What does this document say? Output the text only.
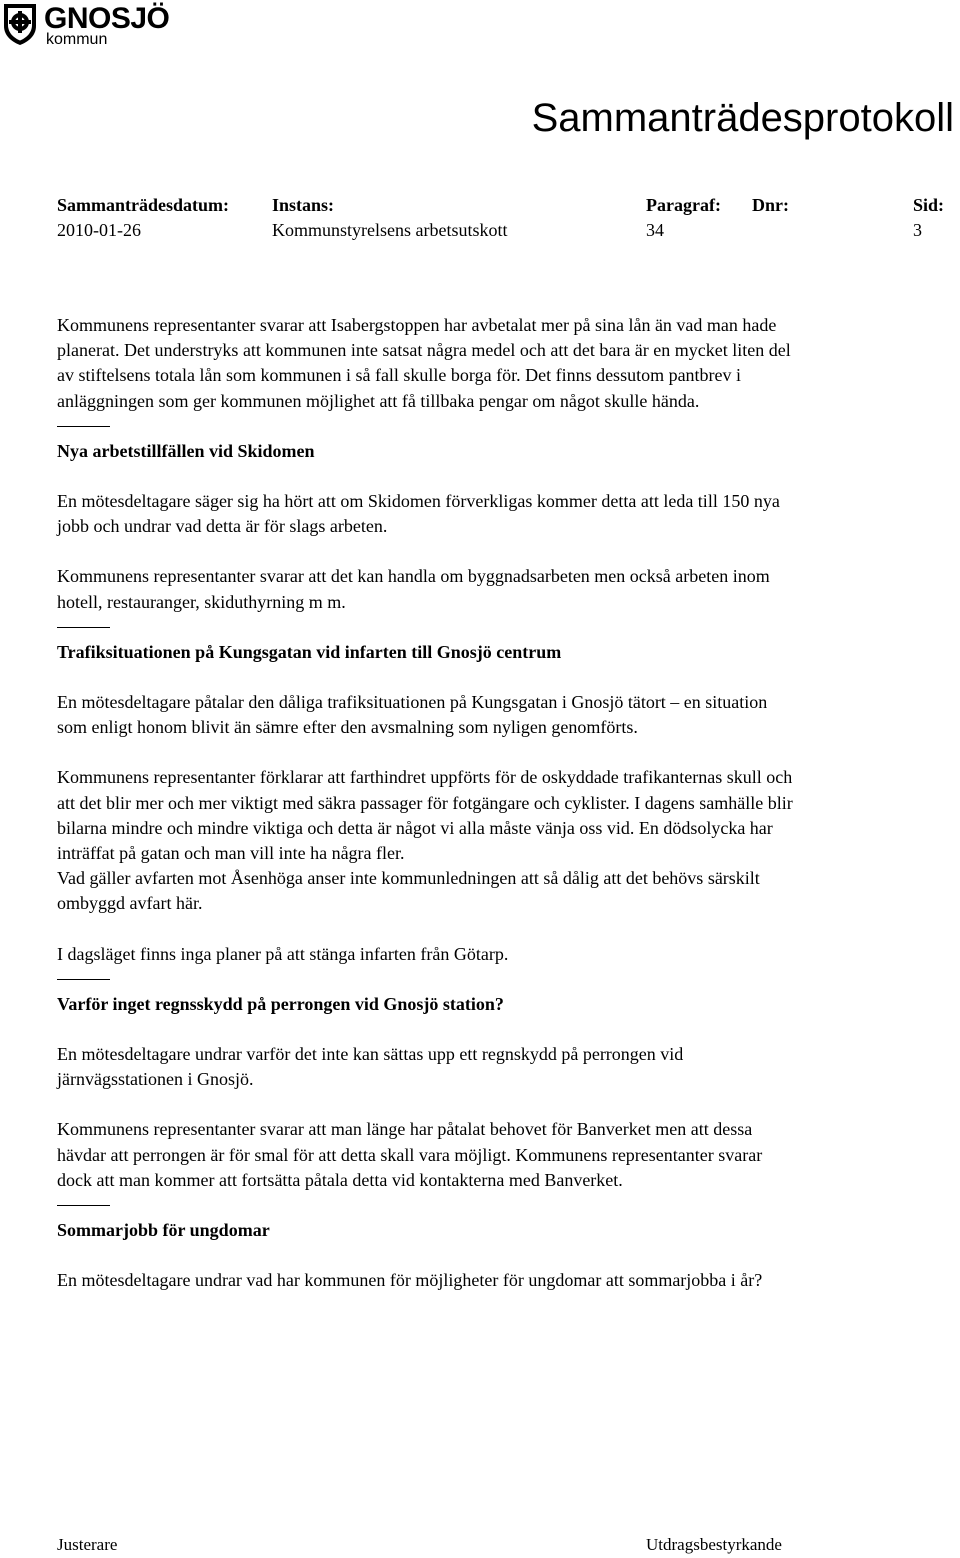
GNOSJÖ
kommun
Sammanträdesprotokoll
Sammanträdesdatum:
2010-01-26
Instans:
Kommunstyrelsens arbetsutskott
Paragraf:
34
Dnr:	Sid:
3

Kommunens representanter svarar att Isabergstoppen har avbetalat mer på sina lån än vad man hade
planerat. Det understryks att kommunen inte satsat några medel och att det bara är en mycket liten del
av stiftelsens totala lån som kommunen i så fall skulle borga för. Det finns dessutom pantbrev i
anläggningen som ger kommunen möjlighet att få tillbaka pengar om något skulle hända.

Nya arbetstillfällen vid Skidomen

En mötesdeltagare säger sig ha hört att om Skidomen förverkligas kommer detta att leda till 150 nya
jobb och undrar vad detta är för slags arbeten.

Kommunens representanter svarar att det kan handla om byggnadsarbeten men också arbeten inom
hotell, restauranger, skiduthyrning m m.

Trafiksituationen på Kungsgatan vid infarten till Gnosjö centrum

En mötesdeltagare påtalar den dåliga trafiksituationen på Kungsgatan i Gnosjö tätort – en situation
som enligt honom blivit än sämre efter den avsmalning som nyligen genomförts.

Kommunens representanter förklarar att farthindret uppförts för de oskyddade trafikanternas skull och
att det blir mer och mer viktigt med säkra passager för fotgängare och cyklister. I dagens samhälle blir
bilarna mindre och mindre viktiga och detta är något vi alla måste vänja oss vid. En dödsolycka har
inträffat på gatan och man vill inte ha några fler.
Vad gäller avfarten mot Åsenhöga anser inte kommunledningen att så dålig att det behövs särskilt
ombyggd avfart här.

I dagsläget finns inga planer på att stänga infarten från Götarp.

Varför inget regnsskydd på perrongen vid Gnosjö station?

En mötesdeltagare undrar varför det inte kan sättas upp ett regnskydd på perrongen vid
järnvägsstationen i Gnosjö.

Kommunens representanter svarar att man länge har påtalat behovet för Banverket men att dessa
hävdar att perrongen är för smal för att detta skall vara möjligt. Kommunens representanter svarar
dock att man kommer att fortsätta påtala detta vid kontakterna med Banverket.

Sommarjobb för ungdomar

En mötesdeltagare undrar vad har kommunen för möjligheter för ungdomar att sommarjobba i år?

Justerare	Utdragsbestyrkande
